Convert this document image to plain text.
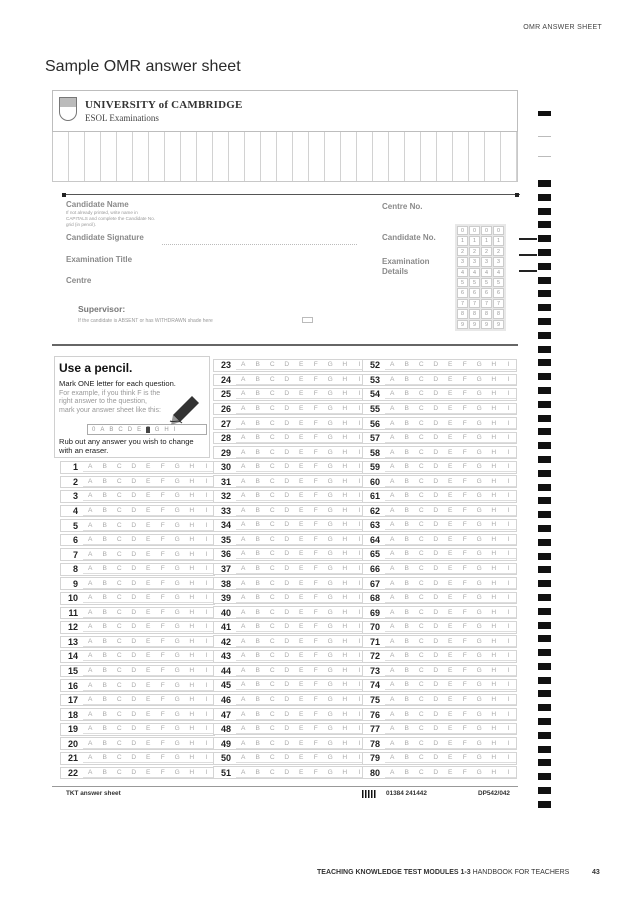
OMR ANSWER SHEET
Sample OMR answer sheet
UNIVERSITY of CAMBRIDGE
ESOL Examinations
Candidate Name
If not already printed, write name in CAPITALS and complete the Candidate No. grid (in pencil).
Candidate Signature
Examination Title
Centre
Centre No.
Candidate No.
Examination Details
0	0	0	0
1	1	1	1
2	2	2	2
3	3	3	3
4	4	4	4
5	5	5	5
6	6	6	6
7	7	7	7
8	8	8	8
9	9	9	9
Supervisor:
If the candidate is ABSENT or has WITHDRAWN shade here
Use a pencil.
Mark ONE letter for each question.
For example, if you think F is the right answer to the question, mark your answer sheet like this:
0 A B C D E F G H I
Rub out any answer you wish to change with an eraser.
1	A	B	C	D	E	F	G	H	I
2	A	B	C	D	E	F	G	H	I
3	A	B	C	D	E	F	G	H	I
4	A	B	C	D	E	F	G	H	I
5	A	B	C	D	E	F	G	H	I
6	A	B	C	D	E	F	G	H	I
7	A	B	C	D	E	F	G	H	I
8	A	B	C	D	E	F	G	H	I
9	A	B	C	D	E	F	G	H	I
10	A	B	C	D	E	F	G	H	I
11	A	B	C	D	E	F	G	H	I
12	A	B	C	D	E	F	G	H	I
13	A	B	C	D	E	F	G	H	I
14	A	B	C	D	E	F	G	H	I
15	A	B	C	D	E	F	G	H	I
16	A	B	C	D	E	F	G	H	I
17	A	B	C	D	E	F	G	H	I
18	A	B	C	D	E	F	G	H	I
19	A	B	C	D	E	F	G	H	I
20	A	B	C	D	E	F	G	H	I
21	A	B	C	D	E	F	G	H	I
22	A	B	C	D	E	F	G	H	I
23	A	B	C	D	E	F	G	H	I
24	A	B	C	D	E	F	G	H	I
25	A	B	C	D	E	F	G	H	I
26	A	B	C	D	E	F	G	H	I
27	A	B	C	D	E	F	G	H	I
28	A	B	C	D	E	F	G	H	I
29	A	B	C	D	E	F	G	H	I
30	A	B	C	D	E	F	G	H	I
31	A	B	C	D	E	F	G	H	I
32	A	B	C	D	E	F	G	H	I
33	A	B	C	D	E	F	G	H	I
34	A	B	C	D	E	F	G	H	I
35	A	B	C	D	E	F	G	H	I
36	A	B	C	D	E	F	G	H	I
37	A	B	C	D	E	F	G	H	I
38	A	B	C	D	E	F	G	H	I
39	A	B	C	D	E	F	G	H	I
40	A	B	C	D	E	F	G	H	I
41	A	B	C	D	E	F	G	H	I
42	A	B	C	D	E	F	G	H	I
43	A	B	C	D	E	F	G	H	I
44	A	B	C	D	E	F	G	H	I
45	A	B	C	D	E	F	G	H	I
46	A	B	C	D	E	F	G	H	I
47	A	B	C	D	E	F	G	H	I
48	A	B	C	D	E	F	G	H	I
49	A	B	C	D	E	F	G	H	I
50	A	B	C	D	E	F	G	H	I
51	A	B	C	D	E	F	G	H	I
52	A	B	C	D	E	F	G	H	I
53	A	B	C	D	E	F	G	H	I
54	A	B	C	D	E	F	G	H	I
55	A	B	C	D	E	F	G	H	I
56	A	B	C	D	E	F	G	H	I
57	A	B	C	D	E	F	G	H	I
58	A	B	C	D	E	F	G	H	I
59	A	B	C	D	E	F	G	H	I
60	A	B	C	D	E	F	G	H	I
61	A	B	C	D	E	F	G	H	I
62	A	B	C	D	E	F	G	H	I
63	A	B	C	D	E	F	G	H	I
64	A	B	C	D	E	F	G	H	I
65	A	B	C	D	E	F	G	H	I
66	A	B	C	D	E	F	G	H	I
67	A	B	C	D	E	F	G	H	I
68	A	B	C	D	E	F	G	H	I
69	A	B	C	D	E	F	G	H	I
70	A	B	C	D	E	F	G	H	I
71	A	B	C	D	E	F	G	H	I
72	A	B	C	D	E	F	G	H	I
73	A	B	C	D	E	F	G	H	I
74	A	B	C	D	E	F	G	H	I
75	A	B	C	D	E	F	G	H	I
76	A	B	C	D	E	F	G	H	I
77	A	B	C	D	E	F	G	H	I
78	A	B	C	D	E	F	G	H	I
79	A	B	C	D	E	F	G	H	I
80	A	B	C	D	E	F	G	H	I
TKT answer sheet	01384 241442	DP542/042
TEACHING KNOWLEDGE TEST MODULES 1-3 HANDBOOK FOR TEACHERS	43
